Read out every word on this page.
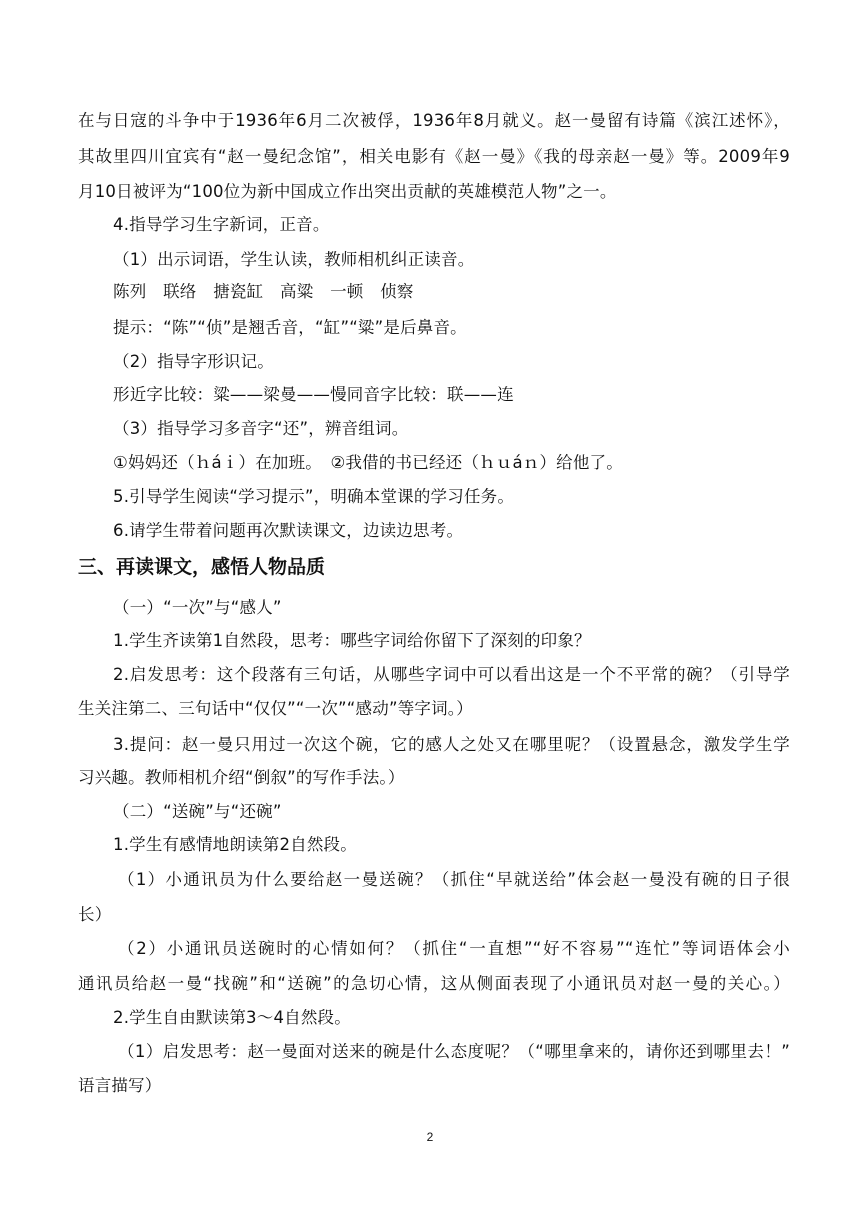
在与日寇的斗争中于1936年6月二次被俘，1936年8月就义。赵一曼留有诗篇《滨江述怀》，
其故里四川宜宾有“赵一曼纪念馆”，相关电影有《赵一曼》《我的母亲赵一曼》等。2009年9
月10日被评为“100位为新中国成立作出突出贡献的英雄模范人物”之一。
4.指导学习生字新词，正音。
（1）出示词语，学生认读，教师相机纠正读音。
陈列　联络　搪瓷缸　高粱　一顿　侦察
提示：“陈”“侦”是翘舌音，“缸”“粱”是后鼻音。
（2）指导字形识记。
形近字比较：粱——梁曼——慢同音字比较：联——连
（3）指导学习多音字“还”，辨音组词。
①妈妈还（ｈáｉ）在加班。　②我借的书已经还（ｈｕáｎ）给他了。
5.引导学生阅读“学习提示”，明确本堂课的学习任务。
6.请学生带着问题再次默读课文，边读边思考。
三、再读课文，感悟人物品质
（一）“一次”与“感人”
1.学生齐读第1自然段，思考：哪些字词给你留下了深刻的印象？
2.启发思考：这个段落有三句话，从哪些字词中可以看出这是一个不平常的碗？（引导学
生关注第二、三句话中“仅仅”“一次”“感动”等字词。）
3.提问：赵一曼只用过一次这个碗，它的感人之处又在哪里呢？（设置悬念，激发学生学
习兴趣。教师相机介绍“倒叙”的写作手法。）
（二）“送碗”与“还碗”
1.学生有感情地朗读第2自然段。
（1）小通讯员为什么要给赵一曼送碗？（抓住“早就送给”体会赵一曼没有碗的日子很
长）
（2）小通讯员送碗时的心情如何？（抓住“一直想”“好不容易”“连忙”等词语体会小
通讯员给赵一曼“找碗”和“送碗”的急切心情，这从侧面表现了小通讯员对赵一曼的关心。）
2.学生自由默读第3～4自然段。
（1）启发思考：赵一曼面对送来的碗是什么态度呢？（“哪里拿来的，请你还到哪里去！”
语言描写）
2
